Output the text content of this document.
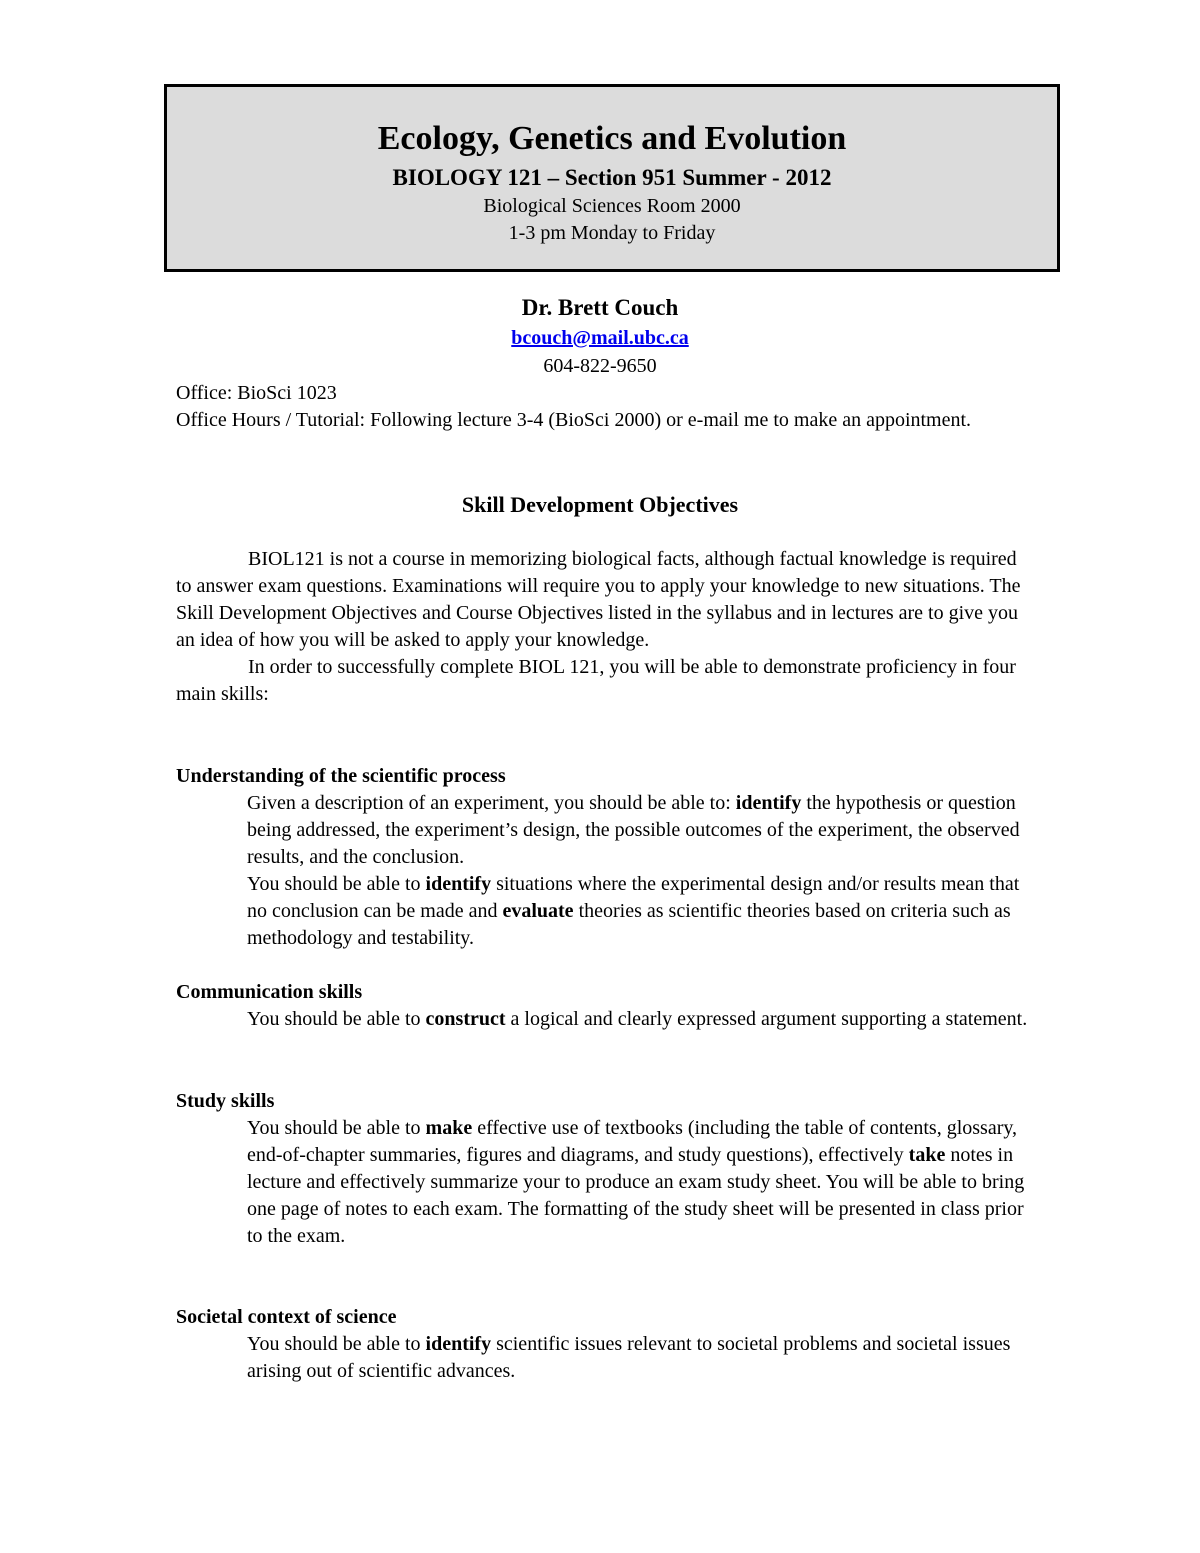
Ecology, Genetics and Evolution
BIOLOGY 121 – Section 951 Summer - 2012
Biological Sciences Room 2000
1-3 pm Monday to Friday
Dr. Brett Couch
bcouch@mail.ubc.ca
604-822-9650
Office: BioSci 1023
Office Hours / Tutorial: Following lecture 3-4 (BioSci 2000) or e-mail me to make an appointment.
Skill Development Objectives

BIOL121 is not a course in memorizing biological facts, although factual knowledge is required to answer exam questions. Examinations will require you to apply your knowledge to new situations. The Skill Development Objectives and Course Objectives listed in the syllabus and in lectures are to give you an idea of how you will be asked to apply your knowledge.

In order to successfully complete BIOL 121, you will be able to demonstrate proficiency in four main skills:

Understanding of the scientific process

Given a description of an experiment, you should be able to: identify the hypothesis or question being addressed, the experiment’s design, the possible outcomes of the experiment, the observed results, and the conclusion.

You should be able to identify situations where the experimental design and/or results mean that no conclusion can be made and evaluate theories as scientific theories based on criteria such as methodology and testability.

Communication skills

You should be able to construct a logical and clearly expressed argument supporting a statement.

Study skills

You should be able to make effective use of textbooks (including the table of contents, glossary, end-of-chapter summaries, figures and diagrams, and study questions), effectively take notes in lecture and effectively summarize your to produce an exam study sheet. You will be able to bring one page of notes to each exam. The formatting of the study sheet will be presented in class prior to the exam.

Societal context of science

You should be able to identify scientific issues relevant to societal problems and societal issues arising out of scientific advances.
